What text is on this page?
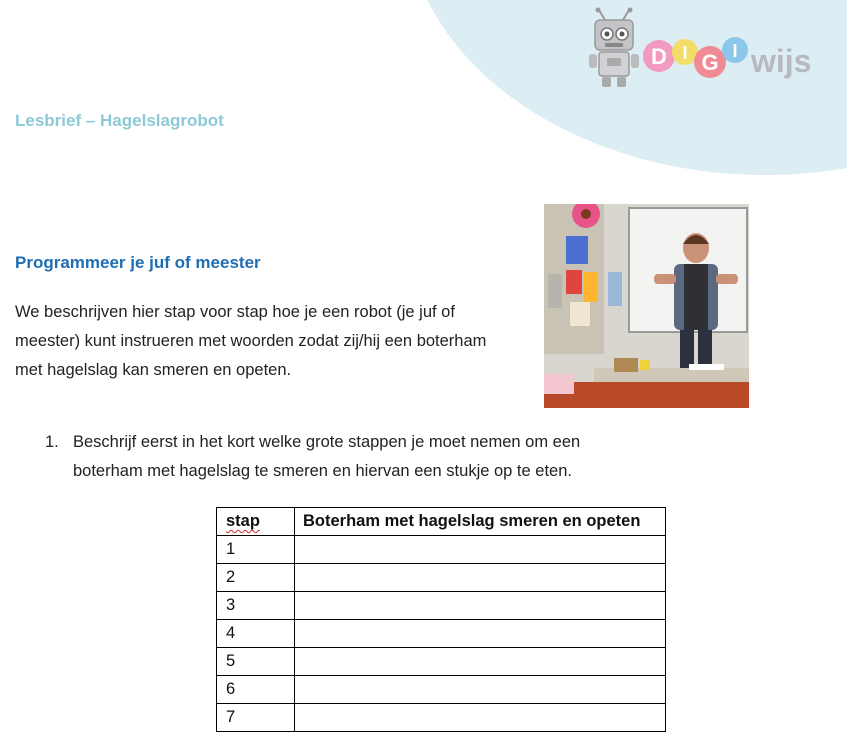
D I G I wijs
Lesbrief – Hagelslagrobot
Programmeer je juf of meester

We beschrijven hier stap voor stap hoe je een robot (je juf of meester) kunt instrueren met woorden zodat zij/hij een boterham met hagelslag kan smeren en opeten.

1. Beschrijf eerst in het kort welke grote stappen je moet nemen om een boterham met hagelslag te smeren en hiervan een stukje op te eten.
stap	Boterham met hagelslag smeren en opeten
1	
2	
3	
4	
5	
6	
7	
